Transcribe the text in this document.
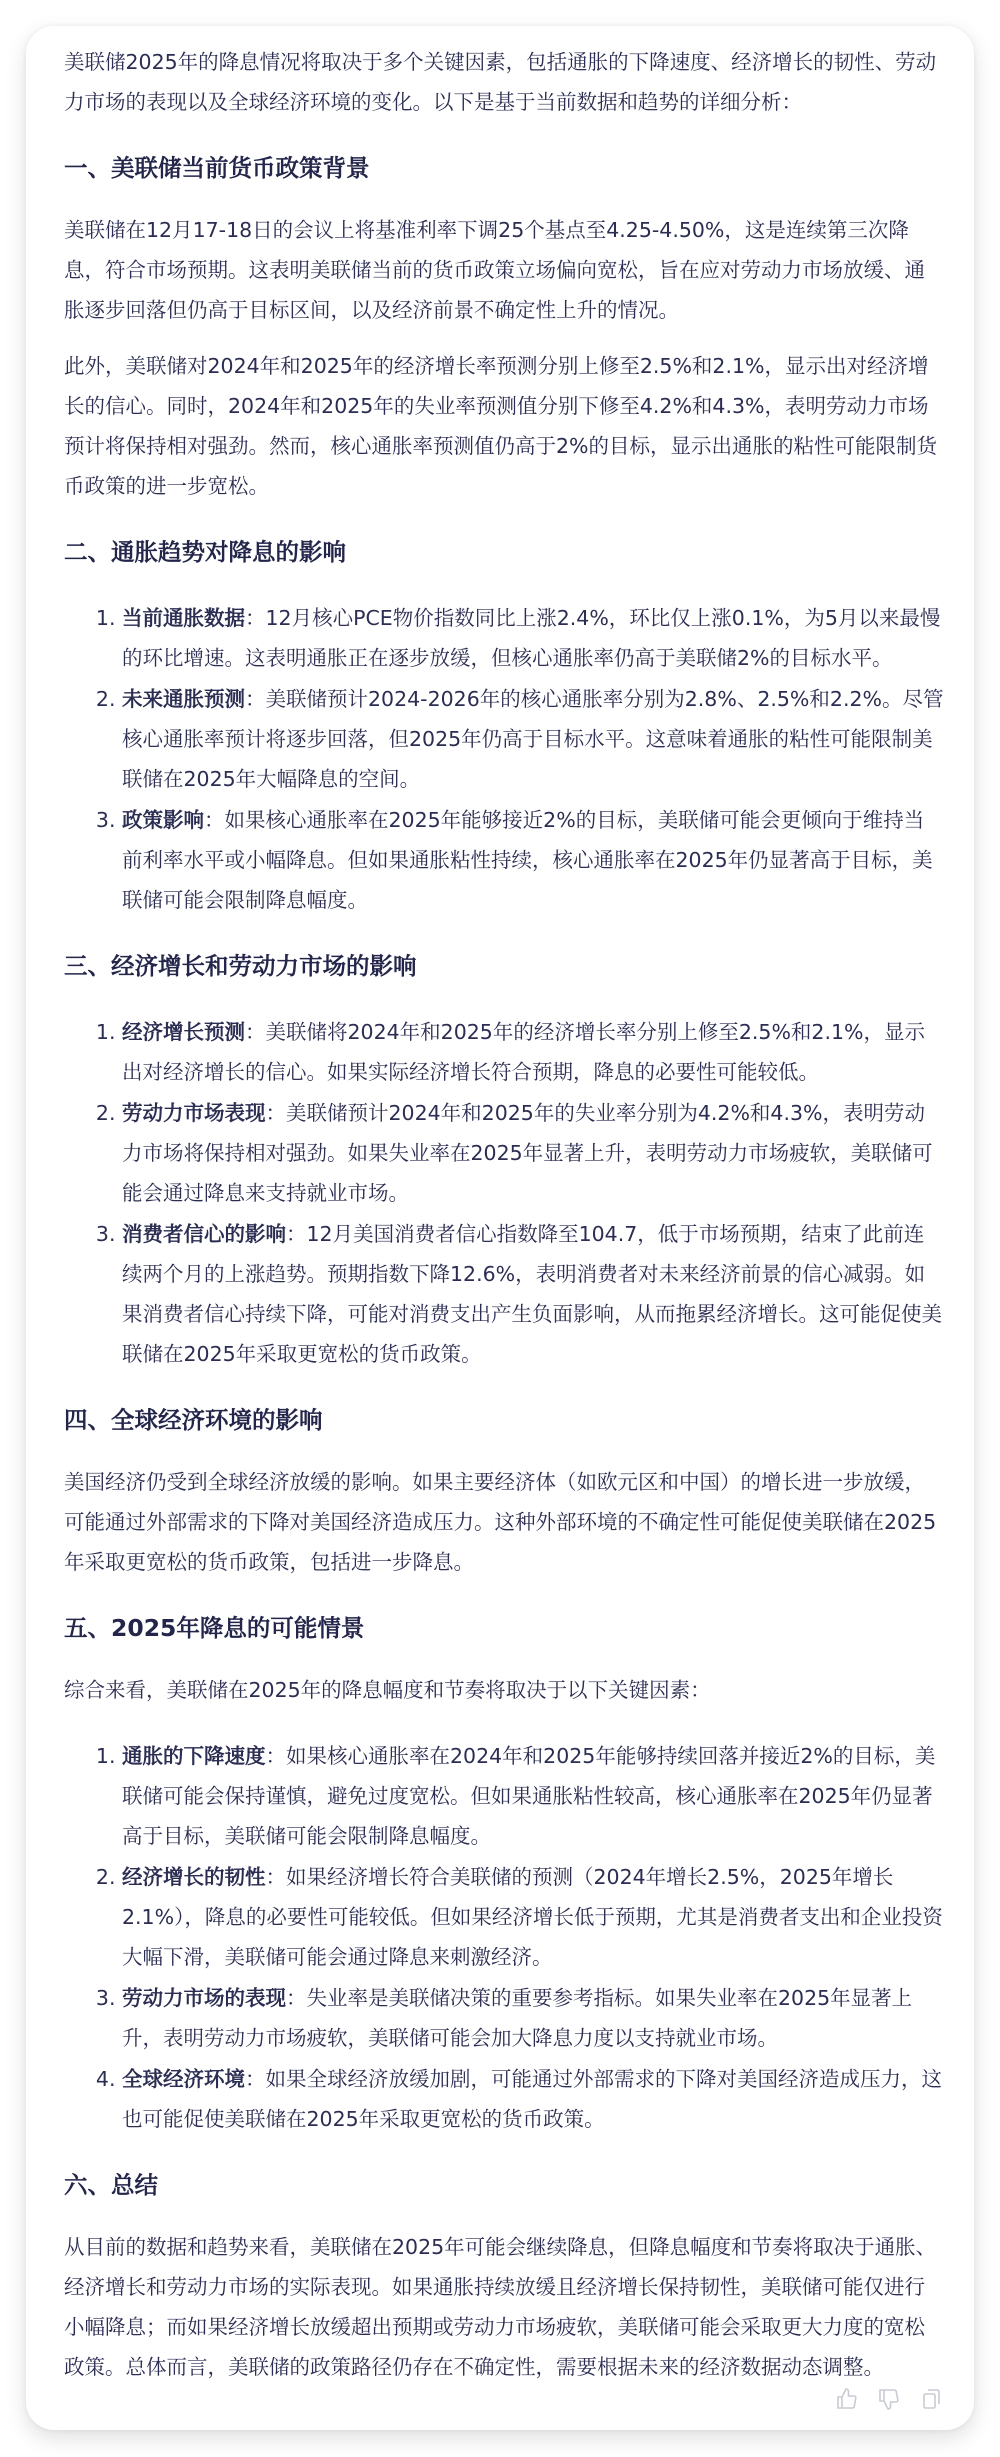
美联储2025年的降息情况将取决于多个关键因素，包括通胀的下降速度、经济增长的韧性、劳动力市场的表现以及全球经济环境的变化。以下是基于当前数据和趋势的详细分析：

一、美联储当前货币政策背景

美联储在12月17-18日的会议上将基准利率下调25个基点至4.25-4.50%，这是连续第三次降息，符合市场预期。这表明美联储当前的货币政策立场偏向宽松，旨在应对劳动力市场放缓、通胀逐步回落但仍高于目标区间，以及经济前景不确定性上升的情况。

此外，美联储对2024年和2025年的经济增长率预测分别上修至2.5%和2.1%，显示出对经济增长的信心。同时，2024年和2025年的失业率预测值分别下修至4.2%和4.3%，表明劳动力市场预计将保持相对强劲。然而，核心通胀率预测值仍高于2%的目标，显示出通胀的粘性可能限制货币政策的进一步宽松。

二、通胀趋势对降息的影响
1. 当前通胀数据：12月核心PCE物价指数同比上涨2.4%，环比仅上涨0.1%，为5月以来最慢的环比增速。这表明通胀正在逐步放缓，但核心通胀率仍高于美联储2%的目标水平。
2. 未来通胀预测：美联储预计2024-2026年的核心通胀率分别为2.8%、2.5%和2.2%。尽管核心通胀率预计将逐步回落，但2025年仍高于目标水平。这意味着通胀的粘性可能限制美联储在2025年大幅降息的空间。
3. 政策影响：如果核心通胀率在2025年能够接近2%的目标，美联储可能会更倾向于维持当前利率水平或小幅降息。但如果通胀粘性持续，核心通胀率在2025年仍显著高于目标，美联储可能会限制降息幅度。
三、经济增长和劳动力市场的影响
1. 经济增长预测：美联储将2024年和2025年的经济增长率分别上修至2.5%和2.1%，显示出对经济增长的信心。如果实际经济增长符合预期，降息的必要性可能较低。
2. 劳动力市场表现：美联储预计2024年和2025年的失业率分别为4.2%和4.3%，表明劳动力市场将保持相对强劲。如果失业率在2025年显著上升，表明劳动力市场疲软，美联储可能会通过降息来支持就业市场。
3. 消费者信心的影响：12月美国消费者信心指数降至104.7，低于市场预期，结束了此前连续两个月的上涨趋势。预期指数下降12.6%，表明消费者对未来经济前景的信心减弱。如果消费者信心持续下降，可能对消费支出产生负面影响，从而拖累经济增长。这可能促使美联储在2025年采取更宽松的货币政策。
四、全球经济环境的影响

美国经济仍受到全球经济放缓的影响。如果主要经济体（如欧元区和中国）的增长进一步放缓，可能通过外部需求的下降对美国经济造成压力。这种外部环境的不确定性可能促使美联储在2025年采取更宽松的货币政策，包括进一步降息。

五、2025年降息的可能情景

综合来看，美联储在2025年的降息幅度和节奏将取决于以下关键因素：

1. 通胀的下降速度：如果核心通胀率在2024年和2025年能够持续回落并接近2%的目标，美联储可能会保持谨慎，避免过度宽松。但如果通胀粘性较高，核心通胀率在2025年仍显著高于目标，美联储可能会限制降息幅度。
2. 经济增长的韧性：如果经济增长符合美联储的预测（2024年增长2.5%，2025年增长2.1%），降息的必要性可能较低。但如果经济增长低于预期，尤其是消费者支出和企业投资大幅下滑，美联储可能会通过降息来刺激经济。
3. 劳动力市场的表现：失业率是美联储决策的重要参考指标。如果失业率在2025年显著上升，表明劳动力市场疲软，美联储可能会加大降息力度以支持就业市场。
4. 全球经济环境：如果全球经济放缓加剧，可能通过外部需求的下降对美国经济造成压力，这也可能促使美联储在2025年采取更宽松的货币政策。
六、总结

从目前的数据和趋势来看，美联储在2025年可能会继续降息，但降息幅度和节奏将取决于通胀、经济增长和劳动力市场的实际表现。如果通胀持续放缓且经济增长保持韧性，美联储可能仅进行小幅降息；而如果经济增长放缓超出预期或劳动力市场疲软，美联储可能会采取更大力度的宽松政策。总体而言，美联储的政策路径仍存在不确定性，需要根据未来的经济数据动态调整。
